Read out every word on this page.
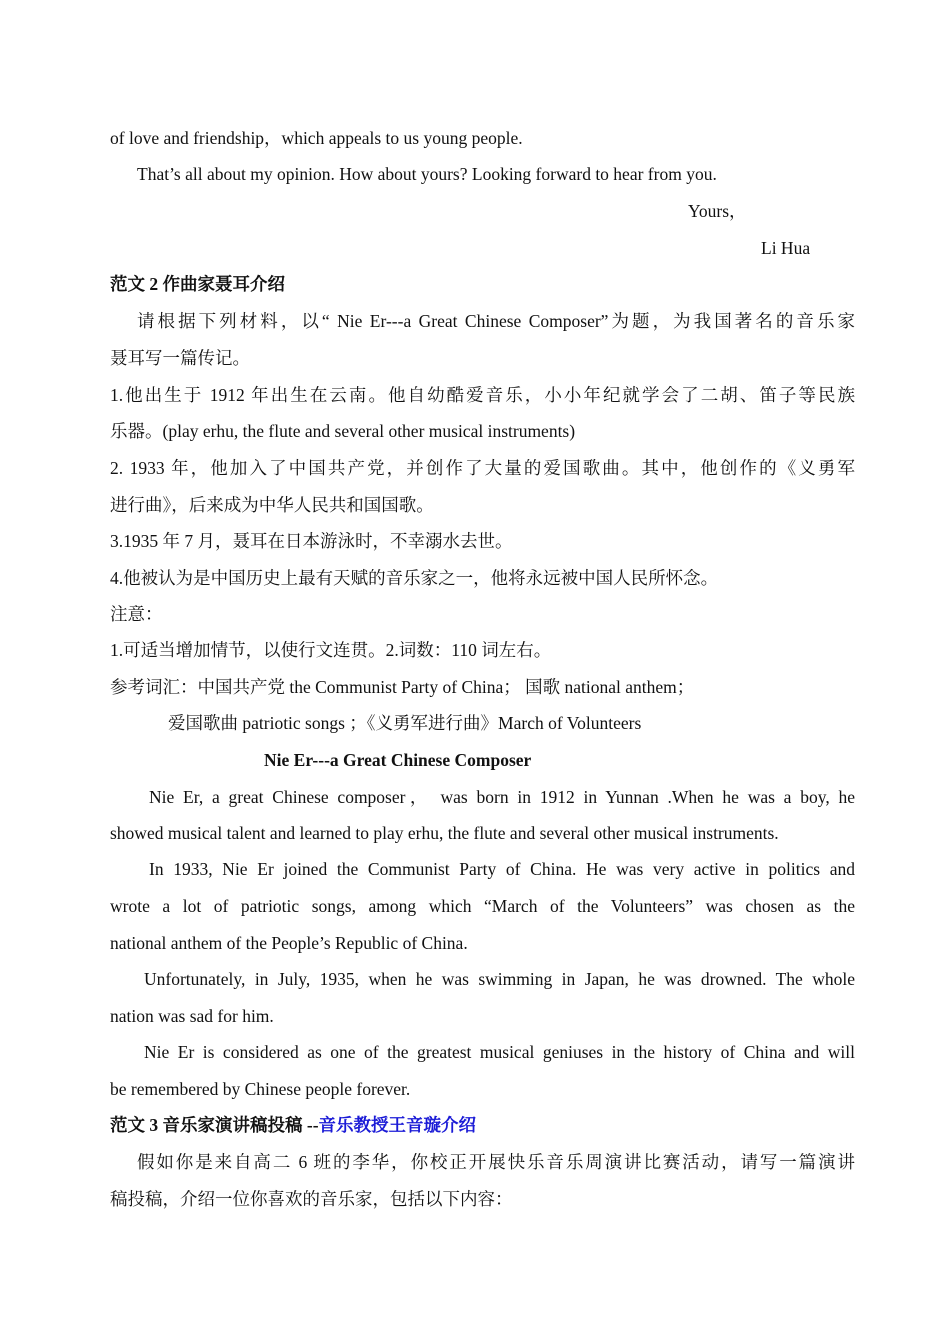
of love and friendship，which appeals to us young people.
That’s all about my opinion. How about yours? Looking forward to hear from you.
Yours，
Li Hua
范文 2 作曲家聂耳介绍
请根据下列材料，以“ Nie Er---a Great Chinese Composer”为题，为我国著名的音乐家
聂耳写一篇传记。
1.他出生于 1912 年出生在云南。他自幼酷爱音乐，小小年纪就学会了二胡、笛子等民族
乐器。(play erhu, the flute and several other musical instruments)
2. 1933 年，他加入了中国共产党，并创作了大量的爱国歌曲。其中，他创作的《义勇军
进行曲》，后来成为中华人民共和国国歌。
3.1935 年 7 月，聂耳在日本游泳时，不幸溺水去世。
4.他被认为是中国历史上最有天赋的音乐家之一，他将永远被中国人民所怀念。
注意：
1.可适当增加情节，以使行文连贯。2.词数：110 词左右。
参考词汇：中国共产党 the Communist Party of China； 国歌 national anthem；
爱国歌曲 patriotic songs ；《义勇军进行曲》March of Volunteers
Nie Er---a Great Chinese Composer
Nie Er, a great Chinese composer， was born in 1912 in Yunnan .When he was a boy, he
showed musical talent and learned to play erhu, the flute and several other musical instruments.
In 1933, Nie Er joined the Communist Party of China. He was very active in politics and
wrote a lot of patriotic songs, among which “March of the Volunteers” was chosen as the
national anthem of the People’s Republic of China.
Unfortunately, in July, 1935, when he was swimming in Japan, he was drowned. The whole
nation was sad for him.
Nie Er is considered as one of the greatest musical geniuses in the history of China and will
be remembered by Chinese people forever.
范文 3 音乐家演讲稿投稿 --音乐教授王音璇介绍
假如你是来自高二 6 班的李华，你校正开展快乐音乐周演讲比赛活动，请写一篇演讲
稿投稿，介绍一位你喜欢的音乐家，包括以下内容：
